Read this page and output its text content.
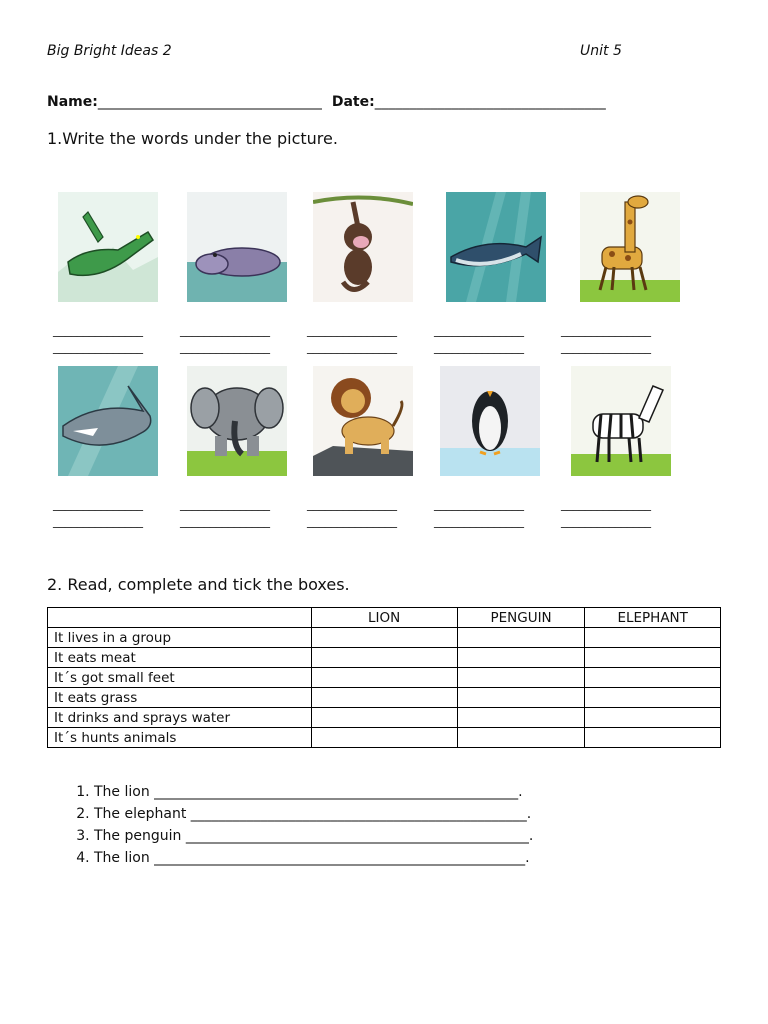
Big Bright Ideas 2	Unit 5
Name:________________________________ Date:_________________________________
1.Write the words under the picture.
_______________
_______________
_______________
_______________
_______________
_______________
_______________
_______________
_______________
_______________
_______________
_______________
_______________
_______________
_______________
_______________
_______________
_______________
_______________
_______________
2. Read, complete and tick the boxes.
	LION	PENGUIN	ELEPHANT
It lives in a group			
It eats meat			
It´s got small feet			
It eats grass			
It drinks and sprays water			
It´s hunts animals			
1. The lion ____________________________________________________.
2. The elephant ________________________________________________.
3. The penguin _________________________________________________.
4. The lion _____________________________________________________.
